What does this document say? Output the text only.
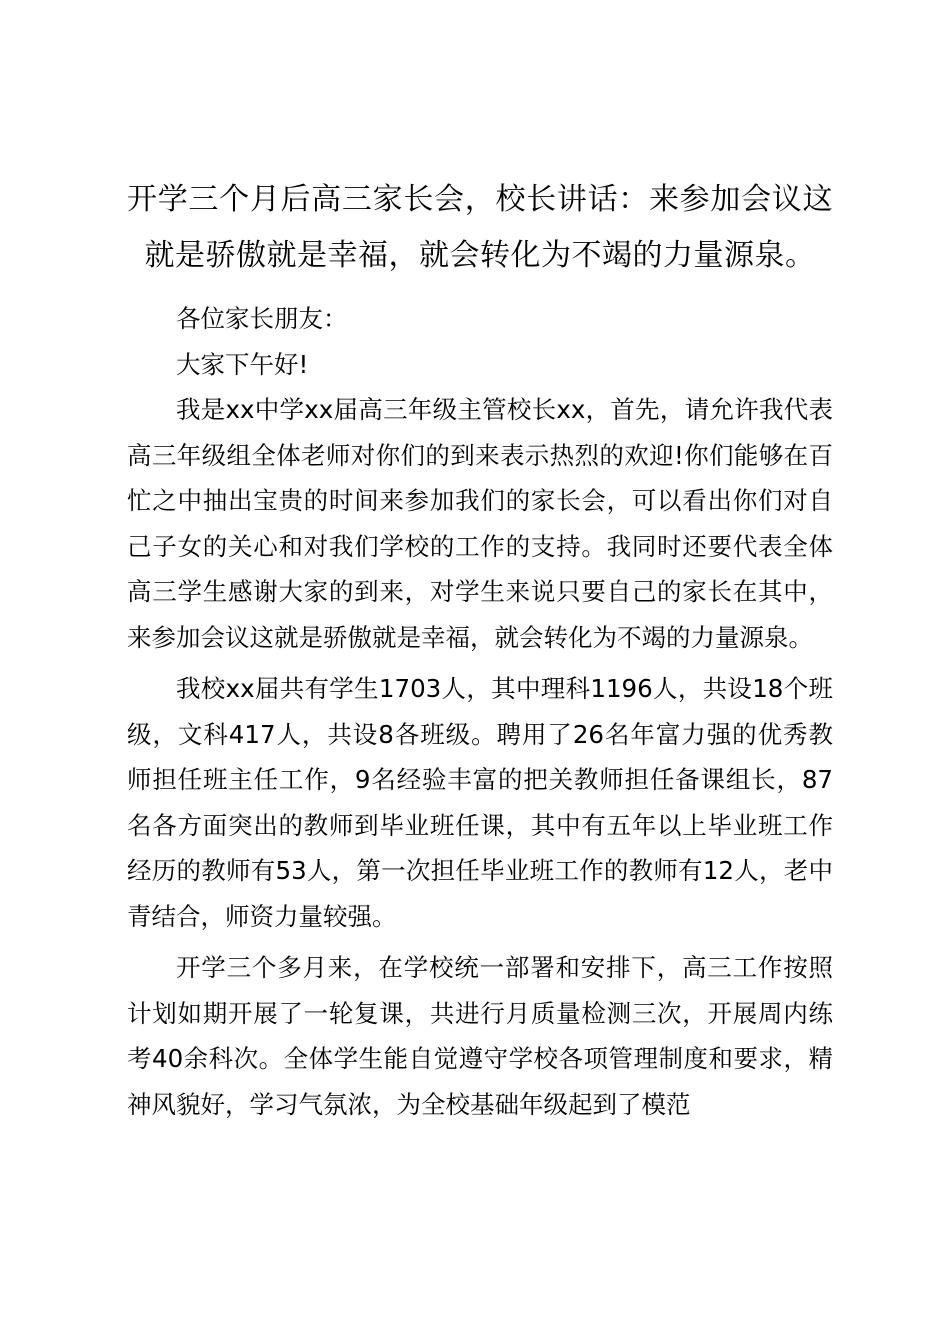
开学三个月后高三家长会，校长讲话：来参加会议这就是骄傲就是幸福，就会转化为不竭的力量源泉。

各位家长朋友：

大家下午好!

我是xx中学xx届高三年级主管校长xx，首先，请允许我代表高三年级组全体老师对你们的到来表示热烈的欢迎!你们能够在百忙之中抽出宝贵的时间来参加我们的家长会，可以看出你们对自己子女的关心和对我们学校的工作的支持。我同时还要代表全体高三学生感谢大家的到来，对学生来说只要自己的家长在其中，来参加会议这就是骄傲就是幸福，就会转化为不竭的力量源泉。

我校xx届共有学生1703人，其中理科1196人，共设18个班级，文科417人，共设8各班级。聘用了26名年富力强的优秀教师担任班主任工作，9名经验丰富的把关教师担任备课组长，87名各方面突出的教师到毕业班任课，其中有五年以上毕业班工作经历的教师有53人，第一次担任毕业班工作的教师有12人，老中青结合，师资力量较强。

开学三个多月来，在学校统一部署和安排下，高三工作按照计划如期开展了一轮复课，共进行月质量检测三次，开展周内练考40余科次。全体学生能自觉遵守学校各项管理制度和要求，精神风貌好，学习气氛浓，为全校基础年级起到了模范
